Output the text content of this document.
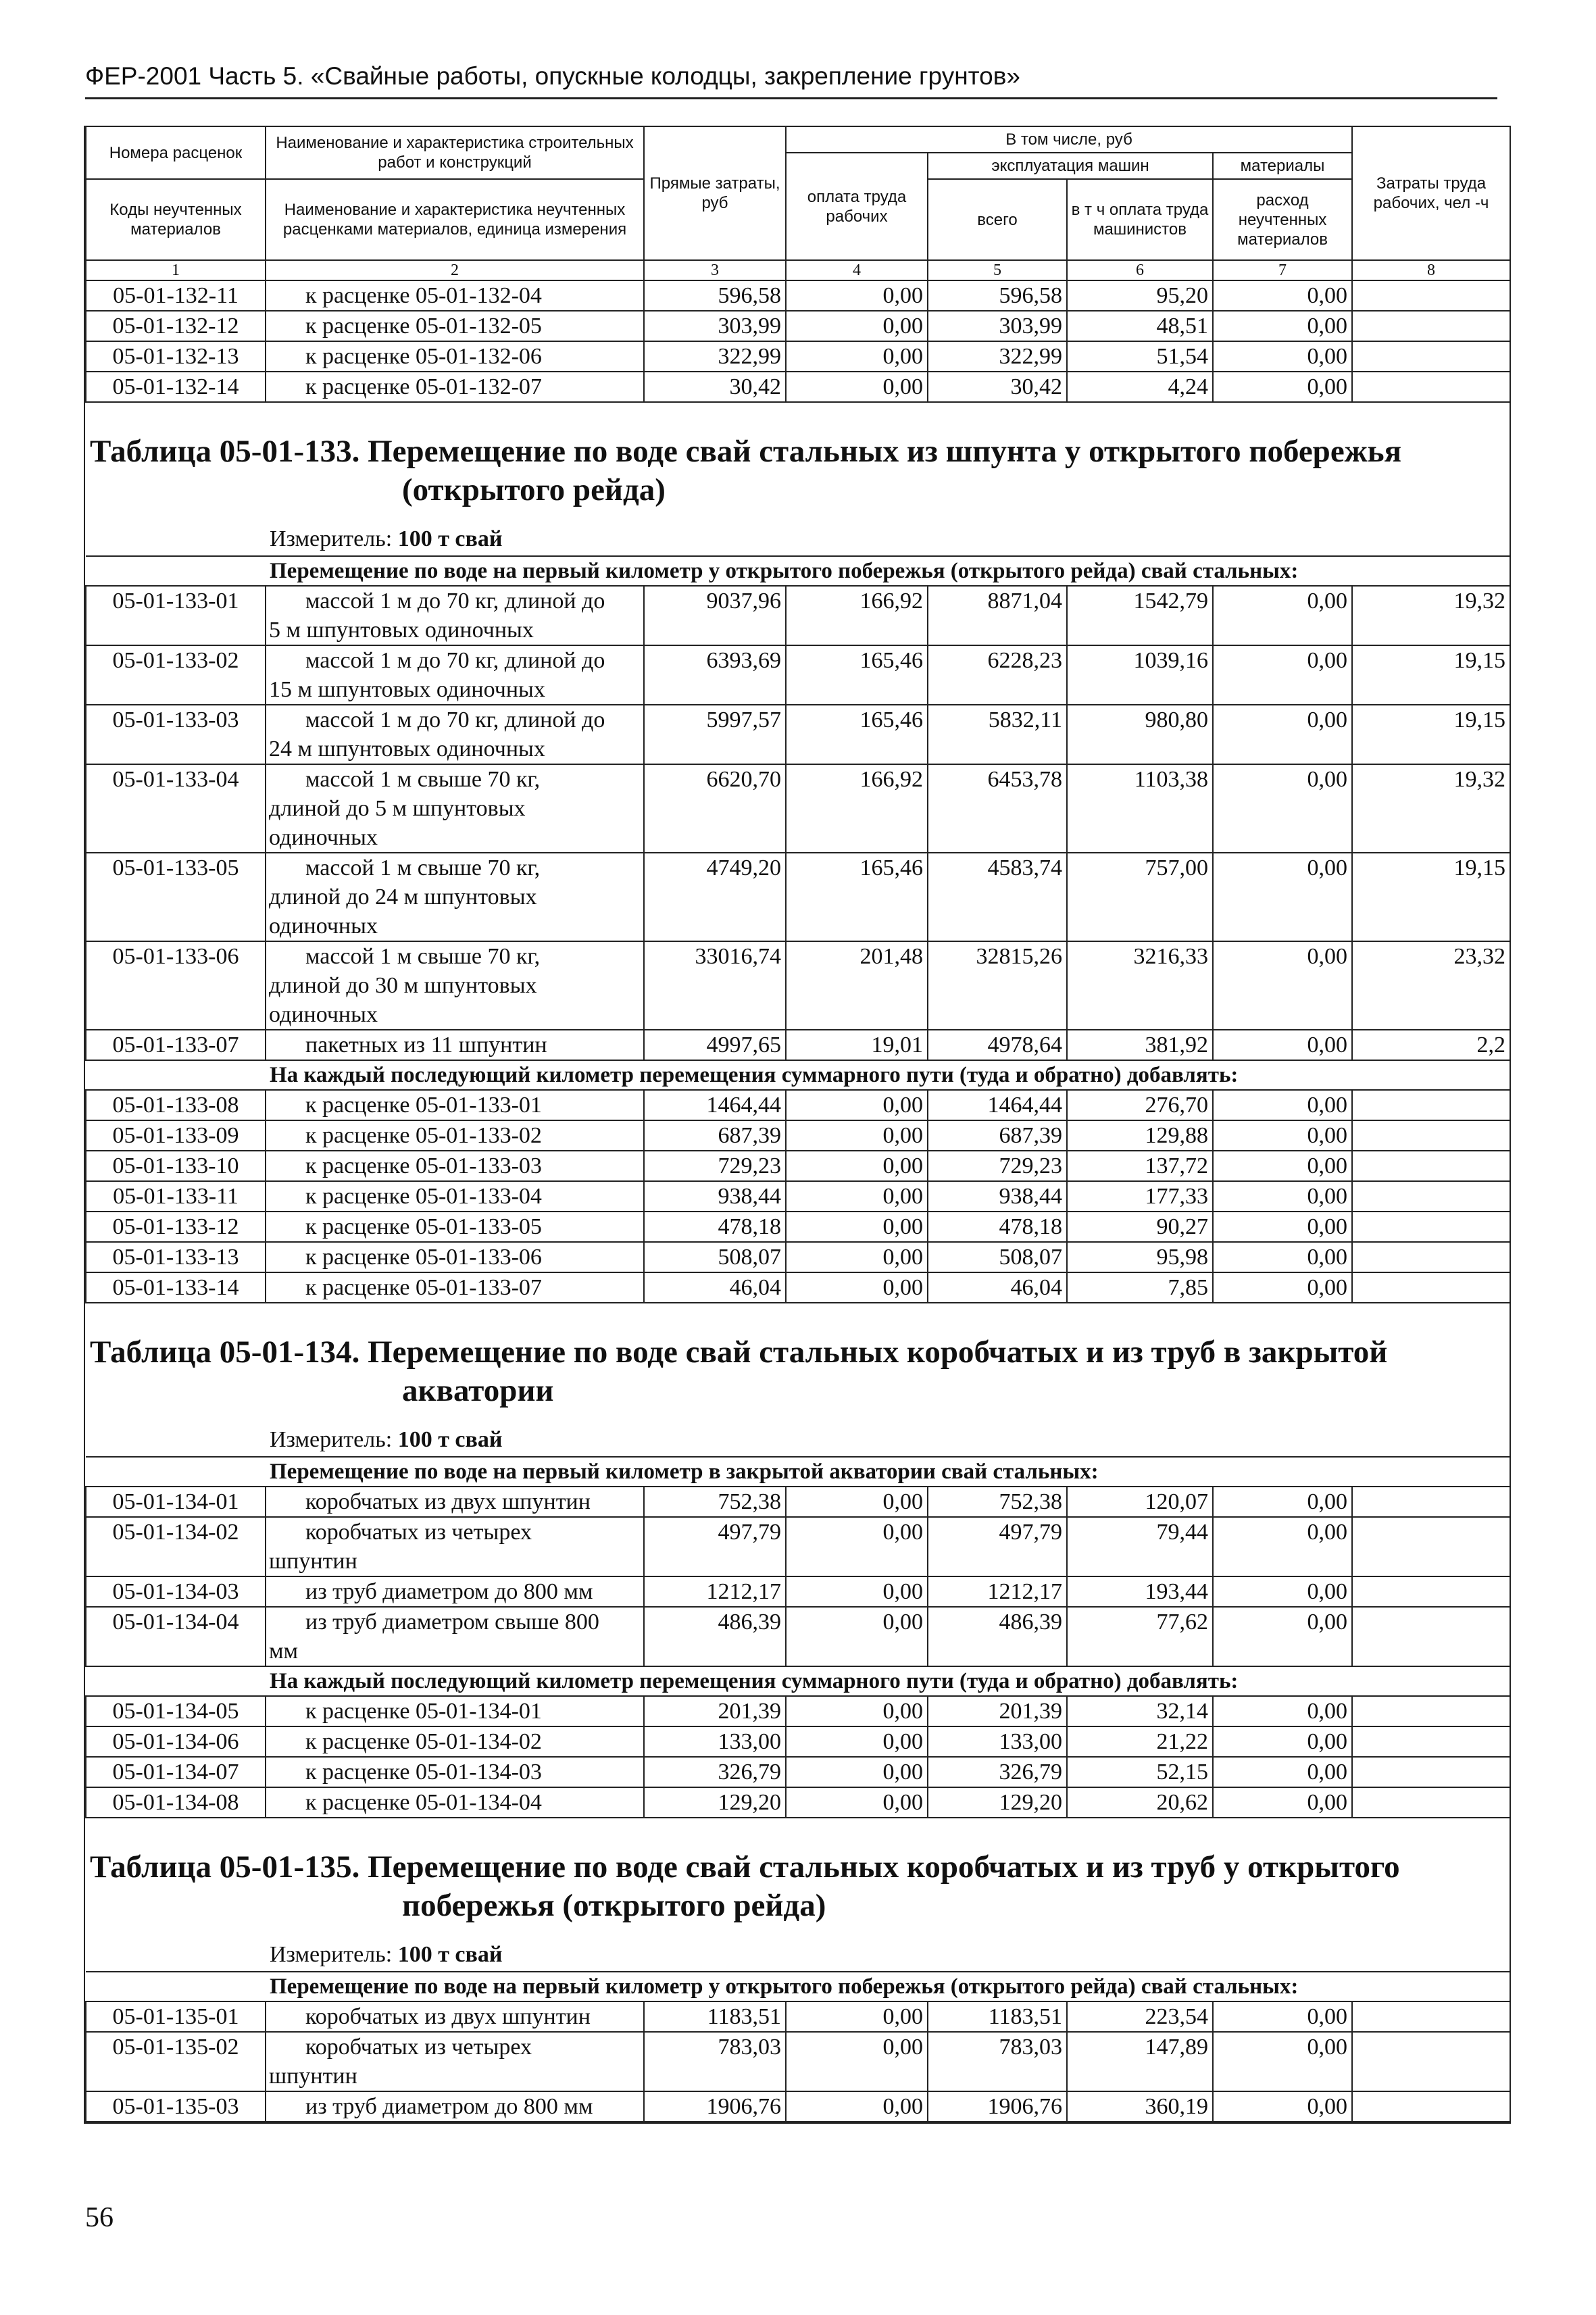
ФЕР-2001 Часть 5. «Свайные работы, опускные колодцы, закрепление грунтов»
Номера расценок	Наименование и характеристика строительных работ и конструкций	Прямые затраты, руб	В том числе, руб				Затраты труда рабочих, чел -ч
			оплата труда рабочих	эксплуатация машин		материалы	
				всего	в т ч оплата труда машинистов	расход неучтенных материалов	
Коды неучтенных материалов	Наименование и характеристика неучтенных расценками материалов, единица измерения						
1	2	3	4	5	6	7	8
05-01-132-11	к расценке 05-01-132-04	596,58	0,00	596,58	95,20	0,00	
05-01-132-12	к расценке 05-01-132-05	303,99	0,00	303,99	48,51	0,00	
05-01-132-13	к расценке 05-01-132-06	322,99	0,00	322,99	51,54	0,00	
05-01-132-14	к расценке 05-01-132-07	30,42	0,00	30,42	4,24	0,00	

Таблица 05-01-133. Перемещение по воде свай стальных из шпунта у открытого побережья
(открытого рейда)							

	Измеритель: 100 т свай						
	Перемещение по воде на первый километр у открытого побережья (открытого рейда) свай стальных:						
05-01-133-01	массой 1 м до 70 кг, длиной до
5 м шпунтовых одиночных	9037,96	166,92	8871,04	1542,79	0,00	19,32
05-01-133-02	массой 1 м до 70 кг, длиной до
15 м шпунтовых одиночных	6393,69	165,46	6228,23	1039,16	0,00	19,15
05-01-133-03	массой 1 м до 70 кг, длиной до
24 м шпунтовых одиночных	5997,57	165,46	5832,11	980,80	0,00	19,15
05-01-133-04	массой 1 м свыше 70 кг,
длиной до 5 м шпунтовых
одиночных	6620,70	166,92	6453,78	1103,38	0,00	19,32
05-01-133-05	массой 1 м свыше 70 кг,
длиной до 24 м шпунтовых
одиночных	4749,20	165,46	4583,74	757,00	0,00	19,15
05-01-133-06	массой 1 м свыше 70 кг,
длиной до 30 м шпунтовых
одиночных	33016,74	201,48	32815,26	3216,33	0,00	23,32
05-01-133-07	пакетных из 11 шпунтин	4997,65	19,01	4978,64	381,92	0,00	2,2
	На каждый последующий километр перемещения суммарного пути (туда и обратно) добавлять:						
05-01-133-08	к расценке 05-01-133-01	1464,44	0,00	1464,44	276,70	0,00	
05-01-133-09	к расценке 05-01-133-02	687,39	0,00	687,39	129,88	0,00	
05-01-133-10	к расценке 05-01-133-03	729,23	0,00	729,23	137,72	0,00	
05-01-133-11	к расценке 05-01-133-04	938,44	0,00	938,44	177,33	0,00	
05-01-133-12	к расценке 05-01-133-05	478,18	0,00	478,18	90,27	0,00	
05-01-133-13	к расценке 05-01-133-06	508,07	0,00	508,07	95,98	0,00	
05-01-133-14	к расценке 05-01-133-07	46,04	0,00	46,04	7,85	0,00	

Таблица 05-01-134. Перемещение по воде свай стальных коробчатых и из труб в закрытой
акватории							

	Измеритель: 100 т свай						
	Перемещение по воде на первый километр в закрытой акватории свай стальных:						
05-01-134-01	коробчатых из двух шпунтин	752,38	0,00	752,38	120,07	0,00	
05-01-134-02	коробчатых из четырех
шпунтин	497,79	0,00	497,79	79,44	0,00	
05-01-134-03	из труб диаметром до 800 мм	1212,17	0,00	1212,17	193,44	0,00	
05-01-134-04	из труб диаметром свыше 800
мм	486,39	0,00	486,39	77,62	0,00	
	На каждый последующий километр перемещения суммарного пути (туда и обратно) добавлять:						
05-01-134-05	к расценке 05-01-134-01	201,39	0,00	201,39	32,14	0,00	
05-01-134-06	к расценке 05-01-134-02	133,00	0,00	133,00	21,22	0,00	
05-01-134-07	к расценке 05-01-134-03	326,79	0,00	326,79	52,15	0,00	
05-01-134-08	к расценке 05-01-134-04	129,20	0,00	129,20	20,62	0,00	

Таблица 05-01-135. Перемещение по воде свай стальных коробчатых и из труб у открытого
побережья (открытого рейда)							

	Измеритель: 100 т свай						
	Перемещение по воде на первый километр у открытого побережья (открытого рейда) свай стальных:						
05-01-135-01	коробчатых из двух шпунтин	1183,51	0,00	1183,51	223,54	0,00	
05-01-135-02	коробчатых из четырех
шпунтин	783,03	0,00	783,03	147,89	0,00	
05-01-135-03	из труб диаметром до 800 мм	1906,76	0,00	1906,76	360,19	0,00	
56
